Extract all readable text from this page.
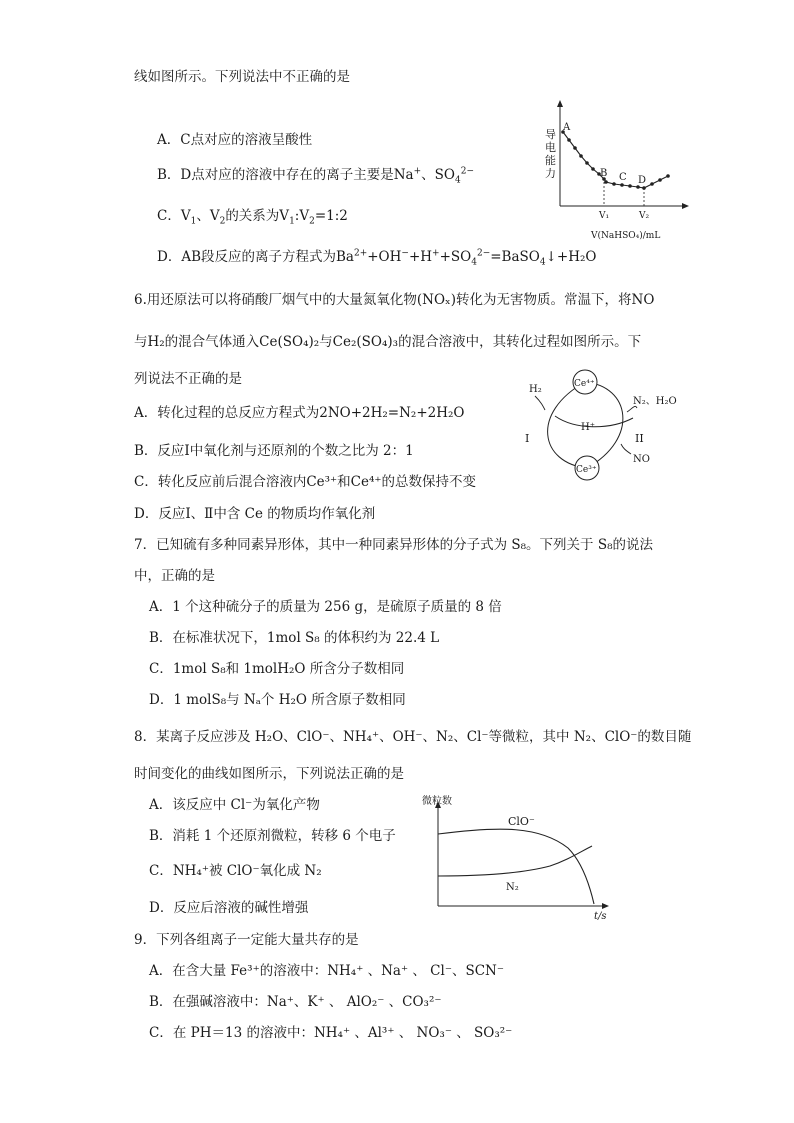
线如图所示。下列说法中不正确的是
A．C点对应的溶液呈酸性
B．D点对应的溶液中存在的离子主要是Na+、$SO_4^{2-}$
C．$V_1$、$V_2$的关系为$V_1:V_2=1:2$
D．AB段反应的离子方程式为$Ba^{2+}+OH^-+H^++SO_4^{2-}=BaSO_4↓+H_2O$
导
电
能
力
A
B C D
V₁	V₂
V(NaHSO₄)/mL
6.用还原法可以将硝酸厂烟气中的大量氮氧化物(NOₓ)转化为无害物质。常温下，将NO
与H₂的混合气体通入Ce(SO₄)₂与Ce₂(SO₄)₃的混合溶液中，其转化过程如图所示。下
列说法不正确的是
A．转化过程的总反应方程式为2NO+2H₂=N₂+2H₂O
B．反应Ⅰ中氧化剂与还原剂的个数之比为 2：1
C．转化反应前后混合溶液内Ce³⁺和Ce⁴⁺的总数保持不变
D．反应Ⅰ、Ⅱ中含 Ce 的物质均作氧化剂
Ce⁴⁺
Ce³⁺
H₂
H⁺
N₂、H₂O
I	II
NO
7．已知硫有多种同素异形体，其中一种同素异形体的分子式为 S₈。下列关于 S₈的说法
中，正确的是
A．1 个这种硫分子的质量为 256 g，是硫原子质量的 8 倍
B．在标准状况下，1mol S₈ 的体积约为 22.4 L
C．1mol S₈和 1molH₂O 所含分子数相同
D．1 molS₈与 Nₐ个 H₂O 所含原子数相同
8．某离子反应涉及 H₂O、ClO⁻、NH₄⁺、OH⁻、N₂、Cl⁻等微粒，其中 N₂、ClO⁻的数目随
时间变化的曲线如图所示，下列说法正确的是
A．该反应中 Cl⁻为氧化产物
B．消耗 1 个还原剂微粒，转移 6 个电子
C．NH₄⁺被 ClO⁻氧化成 N₂
D．反应后溶液的碱性增强
微粒数
ClO⁻
N₂
t/s
9．下列各组离子一定能大量共存的是
A．在含大量 Fe³⁺的溶液中：NH₄⁺ 、Na⁺ 、 Cl⁻、SCN⁻
B．在强碱溶液中：Na⁺、K⁺ 、 AlO₂⁻ 、CO₃²⁻
C．在 PH＝13 的溶液中：NH₄⁺ 、Al³⁺ 、 NO₃⁻ 、 SO₃²⁻
